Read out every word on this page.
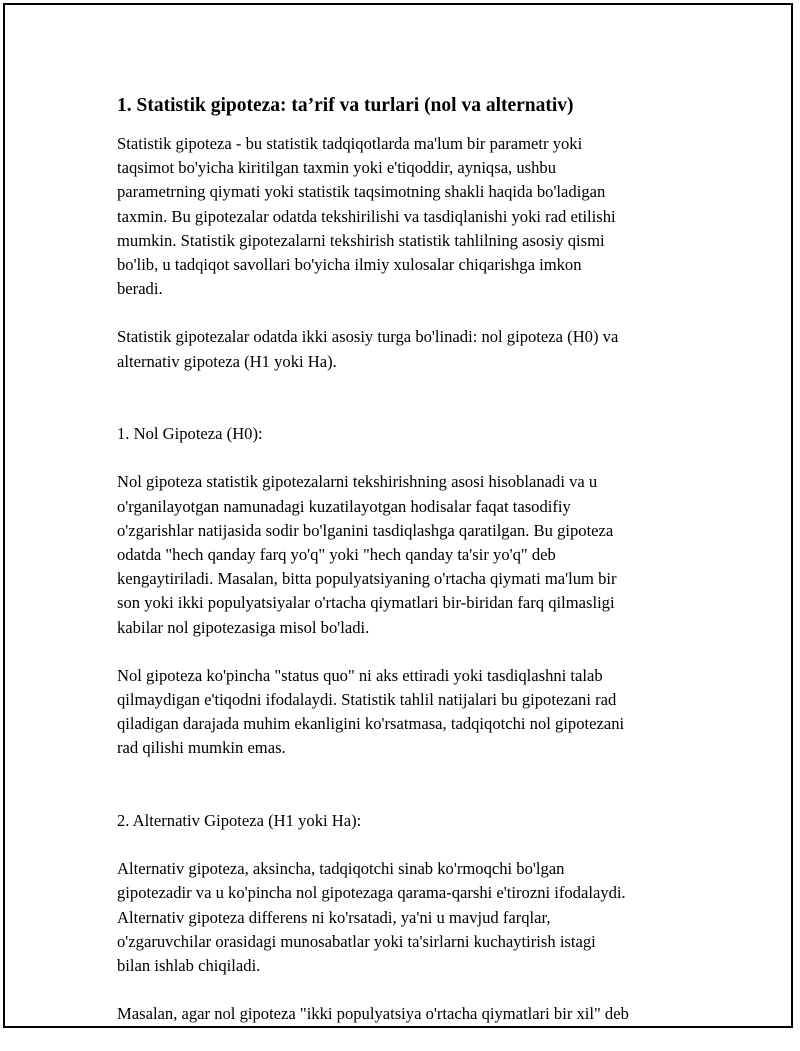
1. Statistik gipoteza: ta’rif va turlari (nol va alternativ)

Statistik gipoteza - bu statistik tadqiqotlarda ma'lum bir parametr yoki
taqsimot bo'yicha kiritilgan taxmin yoki e'tiqoddir, ayniqsa, ushbu
parametrning qiymati yoki statistik taqsimotning shakli haqida bo'ladigan
taxmin. Bu gipotezalar odatda tekshirilishi va tasdiqlanishi yoki rad etilishi
mumkin. Statistik gipotezalarni tekshirish statistik tahlilning asosiy qismi
bo'lib, u tadqiqot savollari bo'yicha ilmiy xulosalar chiqarishga imkon
beradi.

Statistik gipotezalar odatda ikki asosiy turga bo'linadi: nol gipoteza (H0) va
alternativ gipoteza (H1 yoki Ha).

1. Nol Gipoteza (H0):

Nol gipoteza statistik gipotezalarni tekshirishning asosi hisoblanadi va u
o'rganilayotgan namunadagi kuzatilayotgan hodisalar faqat tasodifiy
o'zgarishlar natijasida sodir bo'lganini tasdiqlashga qaratilgan. Bu gipoteza
odatda "hech qanday farq yo'q" yoki "hech qanday ta'sir yo'q" deb
kengaytiriladi. Masalan, bitta populyatsiyaning o'rtacha qiymati ma'lum bir
son yoki ikki populyatsiyalar o'rtacha qiymatlari bir-biridan farq qilmasligi
kabilar nol gipotezasiga misol bo'ladi.

Nol gipoteza ko'pincha "status quo" ni aks ettiradi yoki tasdiqlashni talab
qilmaydigan e'tiqodni ifodalaydi. Statistik tahlil natijalari bu gipotezani rad
qiladigan darajada muhim ekanligini ko'rsatmasa, tadqiqotchi nol gipotezani
rad qilishi mumkin emas.

2. Alternativ Gipoteza (H1 yoki Ha):

Alternativ gipoteza, aksincha, tadqiqotchi sinab ko'rmoqchi bo'lgan
gipotezadir va u ko'pincha nol gipotezaga qarama-qarshi e'tirozni ifodalaydi.
Alternativ gipoteza differens ni ko'rsatadi, ya'ni u mavjud farqlar,
o'zgaruvchilar orasidagi munosabatlar yoki ta'sirlarni kuchaytirish istagi
bilan ishlab chiqiladi.

Masalan, agar nol gipoteza "ikki populyatsiya o'rtacha qiymatlari bir xil" deb
